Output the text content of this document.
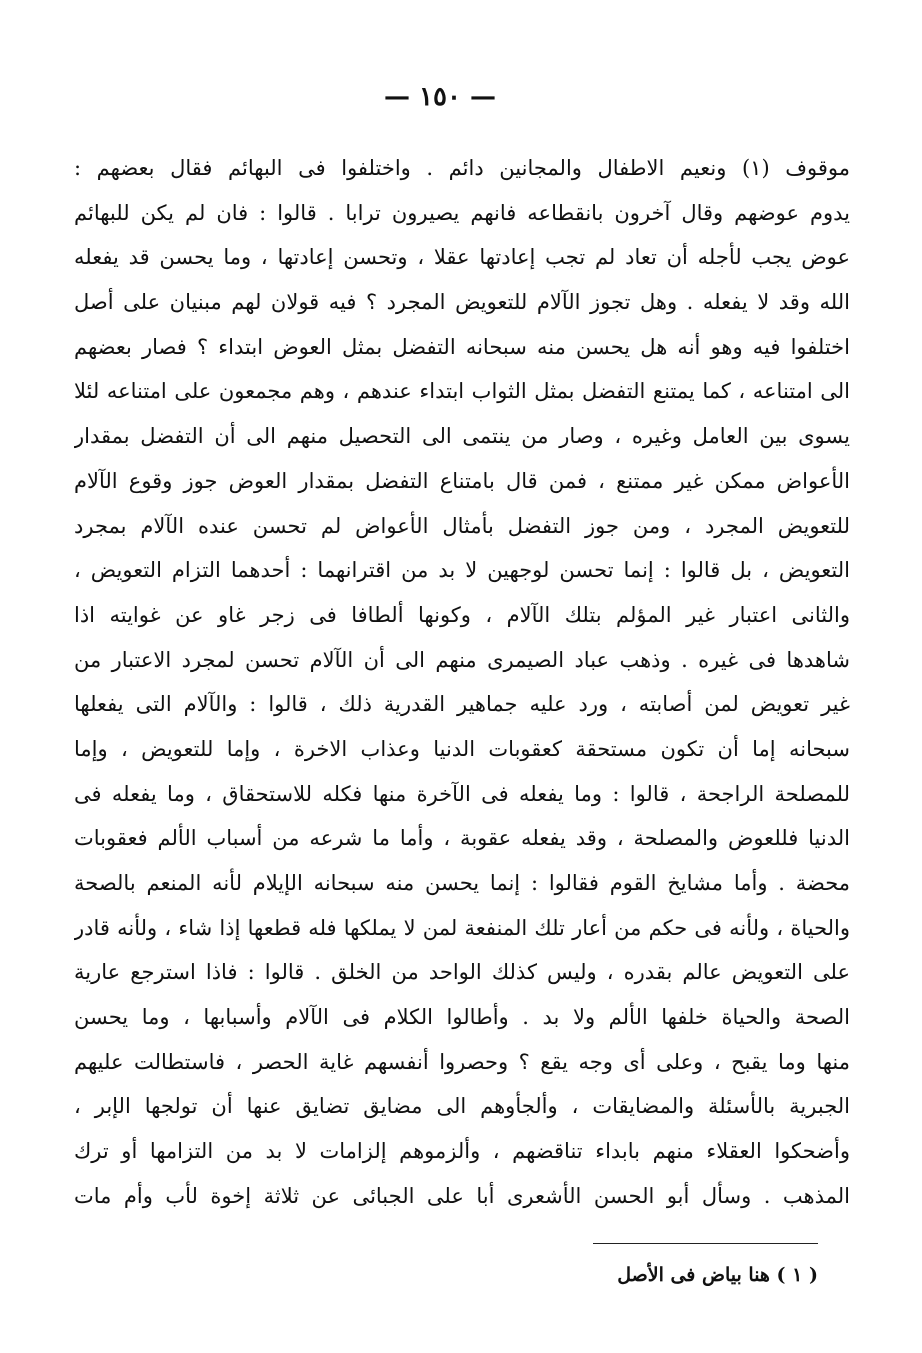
— ١٥٠ —
موقوف (١) ونعيم الاطفال والمجانين دائم . واختلفوا فى البهائم فقال بعضهم :
يدوم عوضهم وقال آخرون بانقطاعه فانهم يصيرون ترابا . قالوا : فان لم يكن للبهائم
عوض يجب لأجله أن تعاد لم تجب إعادتها عقلا ، وتحسن إعادتها ، وما يحسن قد يفعله
الله وقد لا يفعله . وهل تجوز الآلام للتعويض المجرد ؟ فيه قولان لهم مبنيان على أصل
اختلفوا فيه وهو أنه هل يحسن منه سبحانه التفضل بمثل العوض ابتداء ؟ فصار بعضهم
الى امتناعه ، كما يمتنع التفضل بمثل الثواب ابتداء عندهم ، وهم مجمعون على امتناعه لئلا
يسوى بين العامل وغيره ، وصار من ينتمى الى التحصيل منهم الى أن التفضل بمقدار
الأعواض ممكن غير ممتنع ، فمن قال بامتناع التفضل بمقدار العوض جوز وقوع الآلام
للتعويض المجرد ، ومن جوز التفضل بأمثال الأعواض لم تحسن عنده الآلام بمجرد
التعويض ، بل قالوا : إنما تحسن لوجهين لا بد من اقترانهما : أحدهما التزام التعويض ،
والثانى اعتبار غير المؤلم بتلك الآلام ، وكونها ألطافا فى زجر غاو عن غوايته اذا
شاهدها فى غيره . وذهب عباد الصيمرى منهم الى أن الآلام تحسن لمجرد الاعتبار من
غير تعويض لمن أصابته ، ورد عليه جماهير القدرية ذلك ، قالوا : والآلام التى يفعلها
سبحانه إما أن تكون مستحقة كعقوبات الدنيا وعذاب الاخرة ، وإما للتعويض ، وإما
للمصلحة الراجحة ، قالوا : وما يفعله فى الآخرة منها فكله للاستحقاق ، وما يفعله فى
الدنيا فللعوض والمصلحة ، وقد يفعله عقوبة ، وأما ما شرعه من أسباب الألم فعقوبات
محضة . وأما مشايخ القوم فقالوا : إنما يحسن منه سبحانه الإيلام لأنه المنعم بالصحة
والحياة ، ولأنه فى حكم من أعار تلك المنفعة لمن لا يملكها فله قطعها إذا شاء ، ولأنه قادر
على التعويض عالم بقدره ، وليس كذلك الواحد من الخلق . قالوا : فاذا استرجع عارية
الصحة والحياة خلفها الألم ولا بد . وأطالوا الكلام فى الآلام وأسبابها ، وما يحسن
منها وما يقبح ، وعلى أى وجه يقع ؟ وحصروا أنفسهم غاية الحصر ، فاستطالت عليهم
الجبرية بالأسئلة والمضايقات ، وألجأوهم الى مضايق تضايق عنها أن تولجها الإبر ،
وأضحكوا العقلاء منهم بابداء تناقضهم ، وألزموهم إلزامات لا بد من التزامها أو ترك
المذهب . وسأل أبو الحسن الأشعرى أبا على الجبائى عن ثلاثة إخوة لأب وأم مات
( ١ ) هنا بياض فى الأصل
